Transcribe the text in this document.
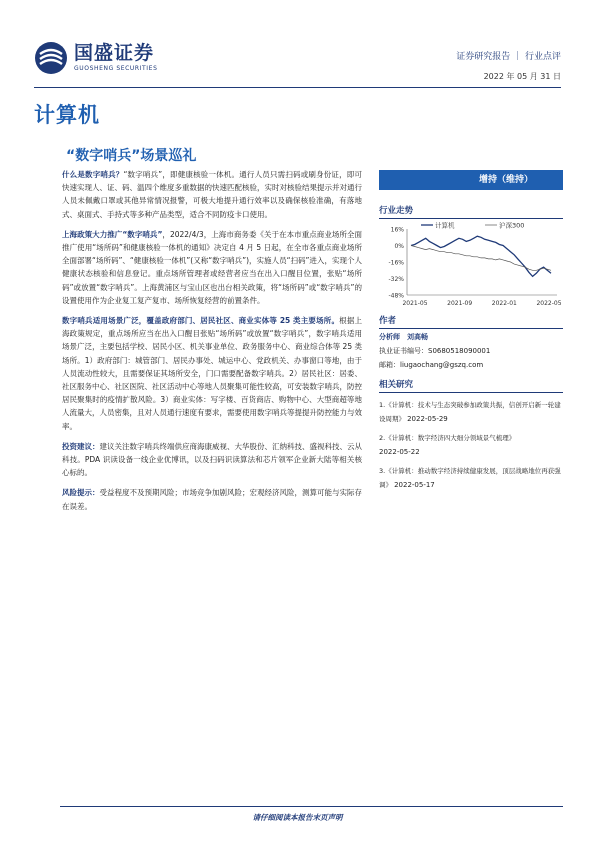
国盛证券
GUOSHENG SECURITIES
证券研究报告 ｜ 行业点评
2022 年 05 月 31 日
计算机
“数字哨兵”场景巡礼

什么是数字哨兵？“数字哨兵”，即健康核验一体机。通行人员只需扫码或刷身份证，即可快速实现人、证、码、温四个维度多重数据的快速匹配核验，实时对核验结果提示并对通行人员未佩戴口罩或其他异常情况报警，可极大地提升通行效率以及确保核验准确，有落地式、桌面式、手持式等多种产品类型，适合不同防疫卡口使用。

上海政策大力推广“数字哨兵”，2022/4/3，上海市商务委《关于在本市重点商业场所全面推广使用“场所码”和健康核验一体机的通知》决定自 4 月 5 日起，在全市各重点商业场所全面部署“场所码”、“健康核验一体机”(又称“数字哨兵”)，实施人员“扫码”进入，实现个人健康状态核验和信息登记。重点场所管理者或经营者应当在出入口醒目位置，张贴“场所码”或放置“数字哨兵”。上海黄浦区与宝山区也出台相关政策，将“场所码”或“数字哨兵”的设置使用作为企业复工复产复市、场所恢复经营的前置条件。

数字哨兵适用场景广泛，覆盖政府部门、居民社区、商业实体等 25 类主要场所。根据上海政策规定，重点场所应当在出入口醒目张贴“场所码”或放置“数字哨兵”，数字哨兵适用场景广泛，主要包括学校、居民小区、机关事业单位、政务服务中心、商业综合体等 25 类场所。1）政府部门：城管部门、居民办事处、城运中心、党政机关、办事窗口等地，由于人员流动性较大，且需要保证其场所安全，门口需要配备数字哨兵。2）居民社区：居委、社区服务中心、社区医院、社区活动中心等地人员聚集可能性较高，可安装数字哨兵，防控居民聚集时的疫情扩散风险。3）商业实体：写字楼、百货商店、购物中心、大型商超等地人流量大，人员密集，且对人员通行速度有要求，需要使用数字哨兵等提提升防控能力与效率。

投资建议：建议关注数字哨兵终端供应商海康威视、大华股份、汇纳科技、盛视科技、云从科技。PDA 识读设备一线企业优博讯，以及扫码识读算法和芯片领军企业新大陆等相关核心标的。

风险提示：受益程度不及预期风险；市场竞争加剧风险；宏观经济风险，测算可能与实际存在误差。

增持（维持）
行业走势
16%
0%
-16%
-32%
-48%
2021-05	2021-09	2022-01	2022-05
计算机	沪深300
作者
分析师　刘高畅
执业证书编号：S0680518090001
邮箱：liugaochang@gszq.com
相关研究
1.《计算机：技术与生态突破参加政策共振，信创开启新一轮建设周期》 2022-05-29
2.《计算机：数字经济四大细分领域景气梳理》
2022-05-22
3.《计算机：推动数字经济持续健康发展，顶层战略地位再获强调》 2022-05-17
请仔细阅读本报告末页声明
